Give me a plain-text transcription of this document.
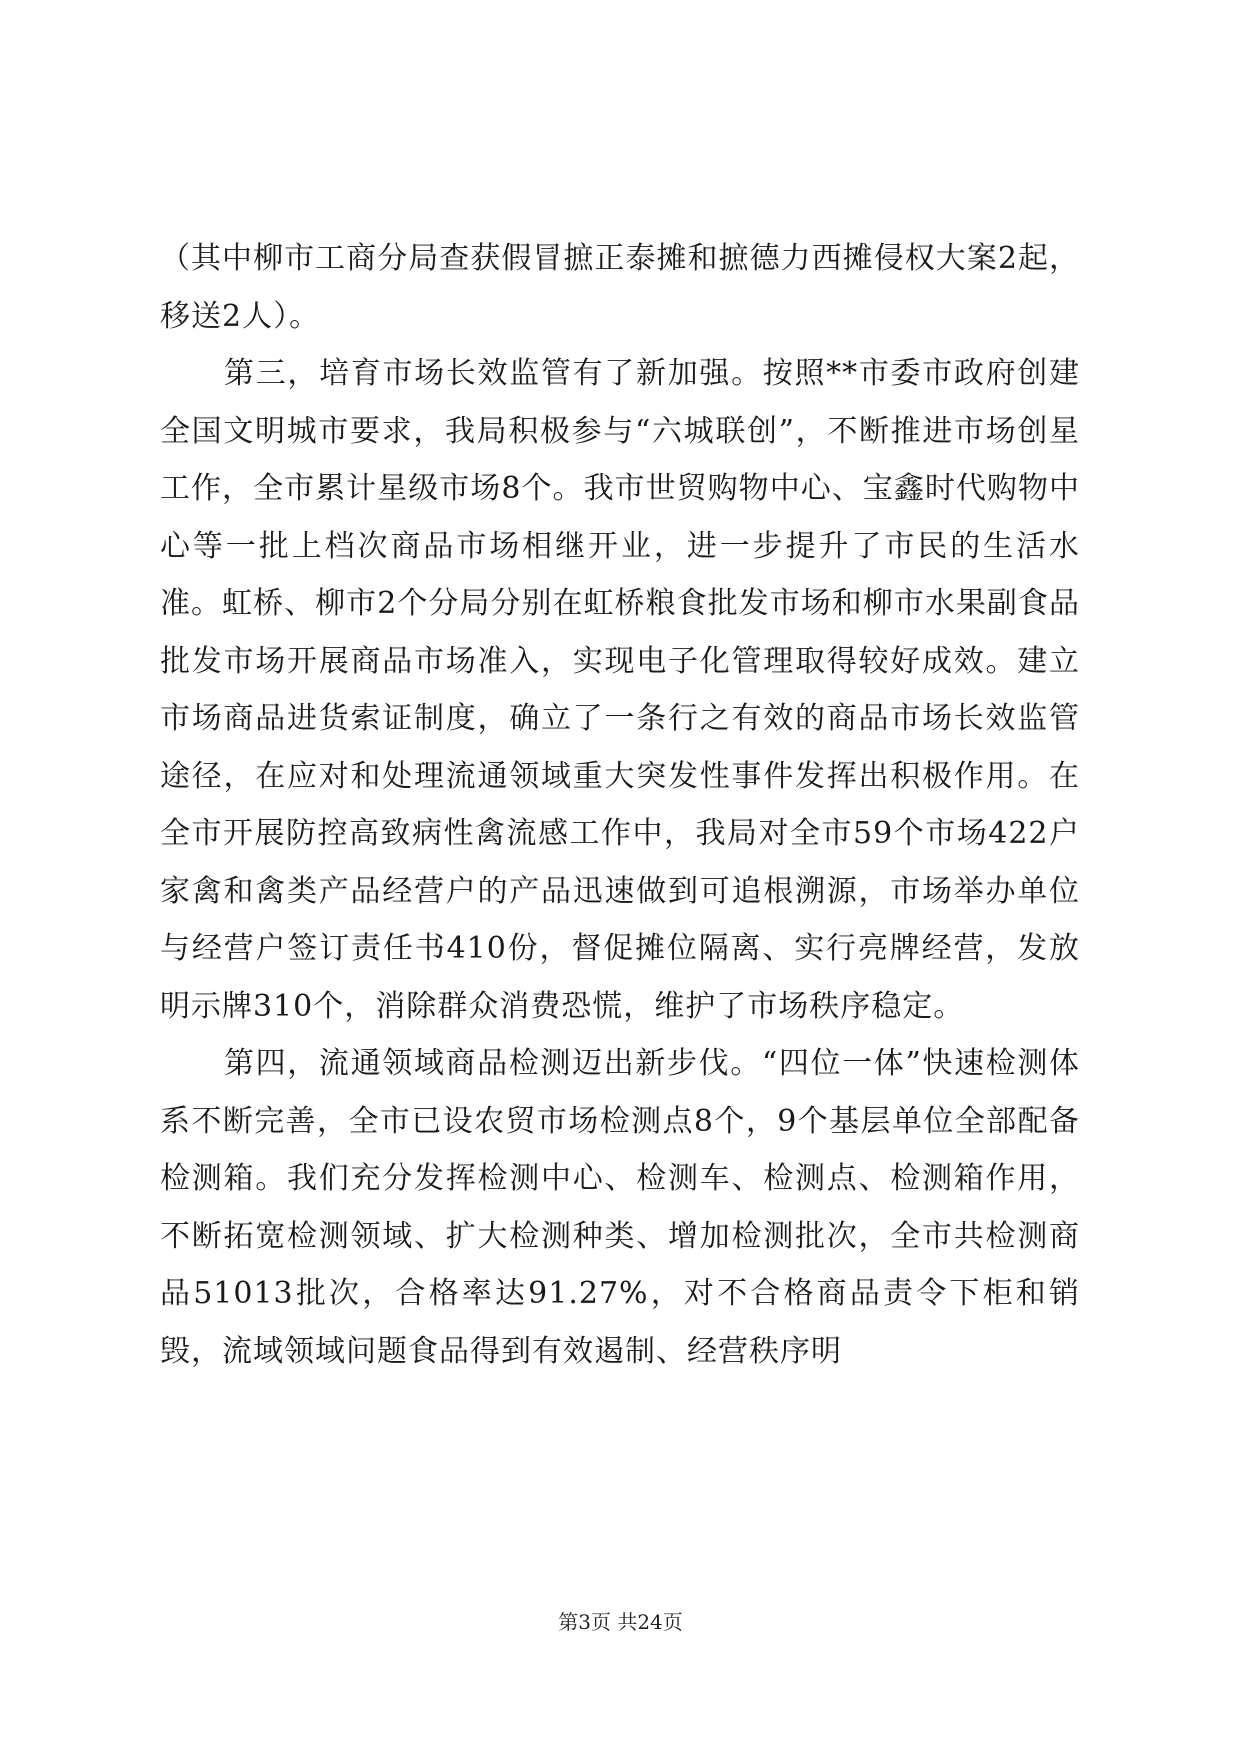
（其中柳市工商分局查获假冒摭正泰摊和摭德力西摊侵权大案2起，移送2人）。

第三，培育市场长效监管有了新加强。按照**市委市政府创建全国文明城市要求，我局积极参与“六城联创”，不断推进市场创星工作，全市累计星级市场8个。我市世贸购物中心、宝鑫时代购物中心等一批上档次商品市场相继开业，进一步提升了市民的生活水准。虹桥、柳市2个分局分别在虹桥粮食批发市场和柳市水果副食品批发市场开展商品市场准入，实现电子化管理取得较好成效。建立市场商品进货索证制度，确立了一条行之有效的商品市场长效监管途径，在应对和处理流通领域重大突发性事件发挥出积极作用。在全市开展防控高致病性禽流感工作中，我局对全市59个市场422户家禽和禽类产品经营户的产品迅速做到可追根溯源，市场举办单位与经营户签订责任书410份，督促摊位隔离、实行亮牌经营，发放明示牌310个，消除群众消费恐慌，维护了市场秩序稳定。

第四，流通领域商品检测迈出新步伐。“四位一体”快速检测体系不断完善，全市已设农贸市场检测点8个，9个基层单位全部配备检测箱。我们充分发挥检测中心、检测车、检测点、检测箱作用，不断拓宽检测领域、扩大检测种类、增加检测批次，全市共检测商品51013批次，合格率达91.27%，对不合格商品责令下柜和销毁，流域领域问题食品得到有效遏制、经营秩序明

第3页 共24页
